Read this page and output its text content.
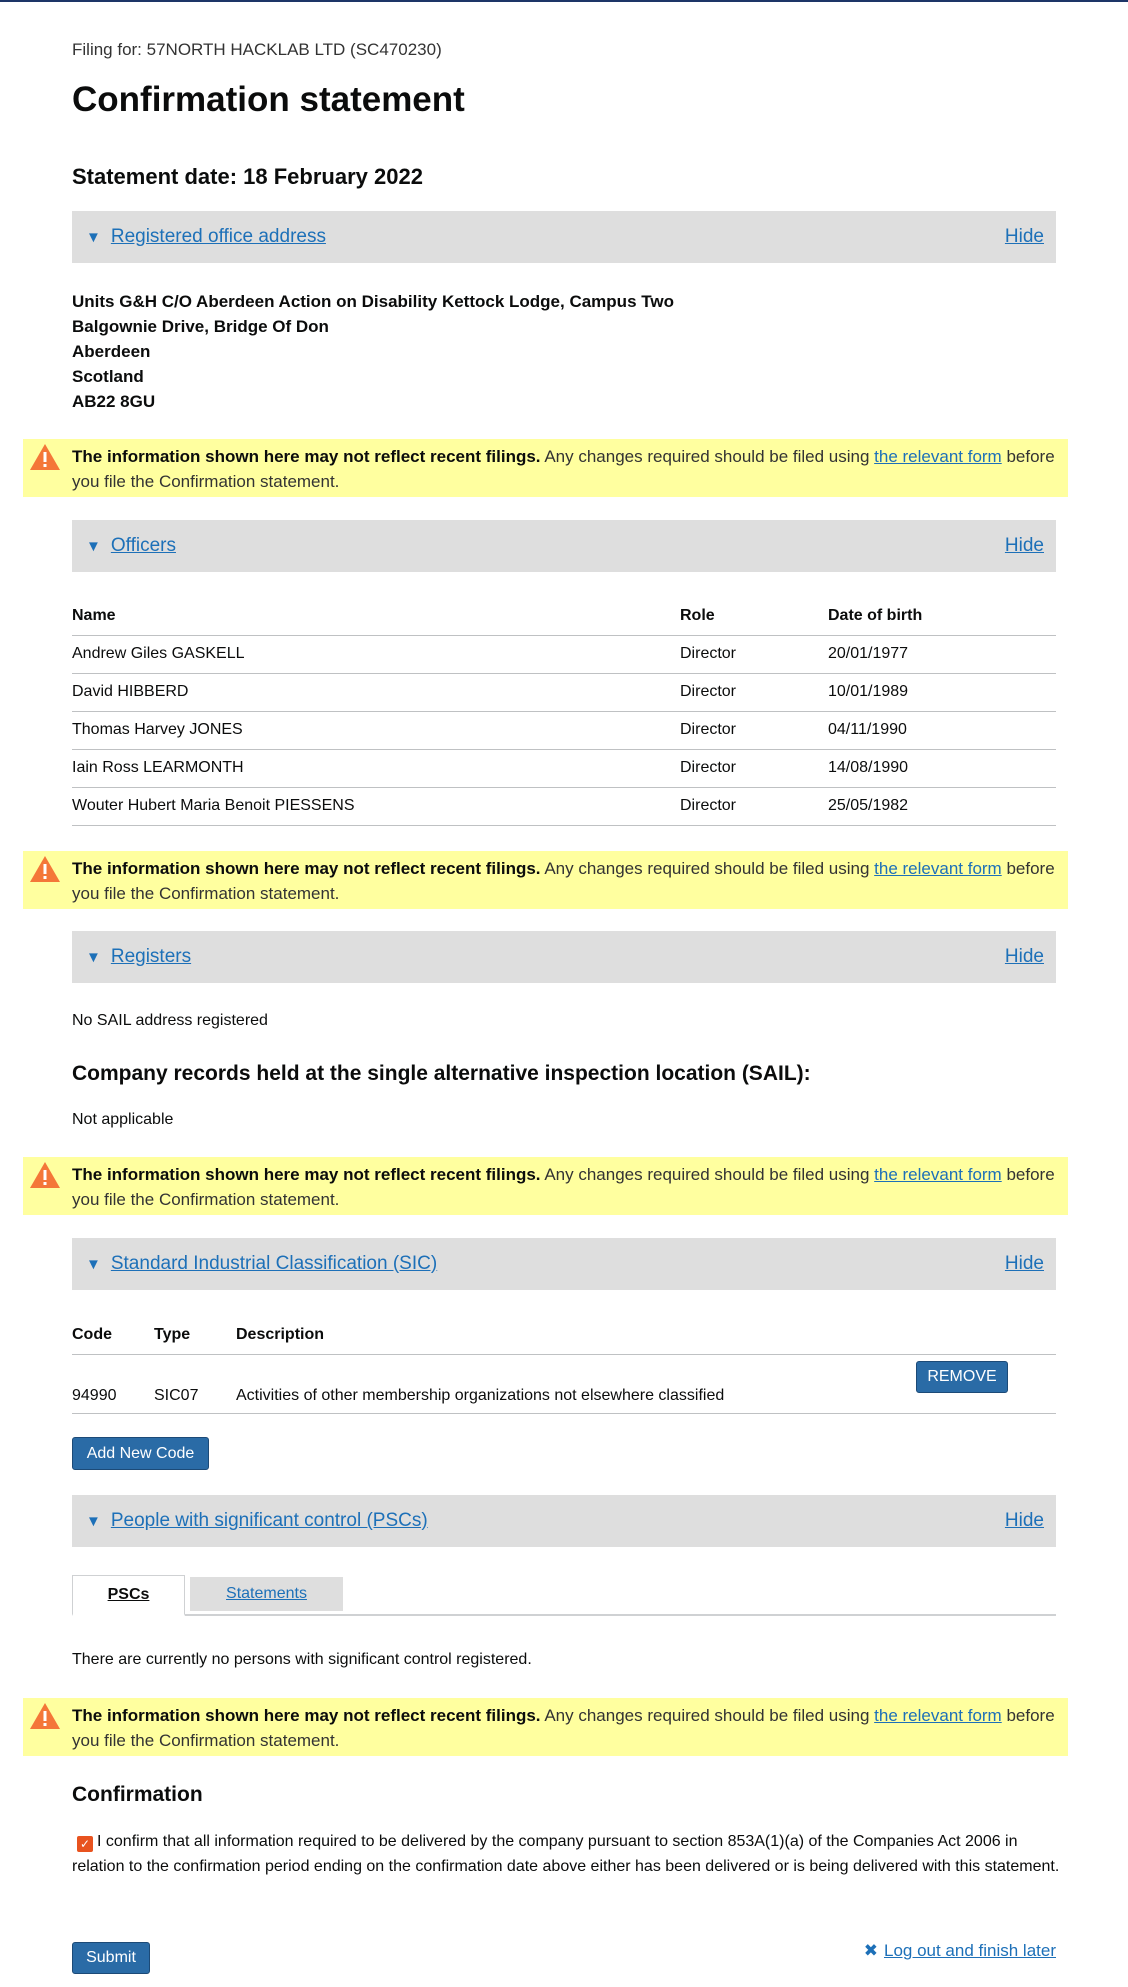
Filing for: 57NORTH HACKLAB LTD (SC470230)
Confirmation statement
Statement date: 18 February 2022
▼ Registered office address	Hide
Units G&H C/O Aberdeen Action on Disability Kettock Lodge, Campus Two
Balgownie Drive, Bridge Of Don
Aberdeen
Scotland
AB22 8GU
The information shown here may not reflect recent filings. Any changes required should be filed using the relevant form before you file the Confirmation statement.
▼ Officers	Hide
Name	Role	Date of birth
Andrew Giles GASKELL	Director	20/01/1977
David HIBBERD	Director	10/01/1989
Thomas Harvey JONES	Director	04/11/1990
Iain Ross LEARMONTH	Director	14/08/1990
Wouter Hubert Maria Benoit PIESSENS	Director	25/05/1982
The information shown here may not reflect recent filings. Any changes required should be filed using the relevant form before you file the Confirmation statement.
▼ Registers	Hide
No SAIL address registered
Company records held at the single alternative inspection location (SAIL):
Not applicable
The information shown here may not reflect recent filings. Any changes required should be filed using the relevant form before you file the Confirmation statement.
▼ Standard Industrial Classification (SIC)	Hide
Code	Type	Description	
94990	SIC07	Activities of other membership organizations not elsewhere classified	REMOVE
Add New Code
▼ People with significant control (PSCs)	Hide
PSCs	Statements
There are currently no persons with significant control registered.
The information shown here may not reflect recent filings. Any changes required should be filed using the relevant form before you file the Confirmation statement.
Confirmation
✓ I confirm that all information required to be delivered by the company pursuant to section 853A(1)(a) of the Companies Act 2006 in relation to the confirmation period ending on the confirmation date above either has been delivered or is being delivered with this statement.
Submit	✖ Log out and finish later
